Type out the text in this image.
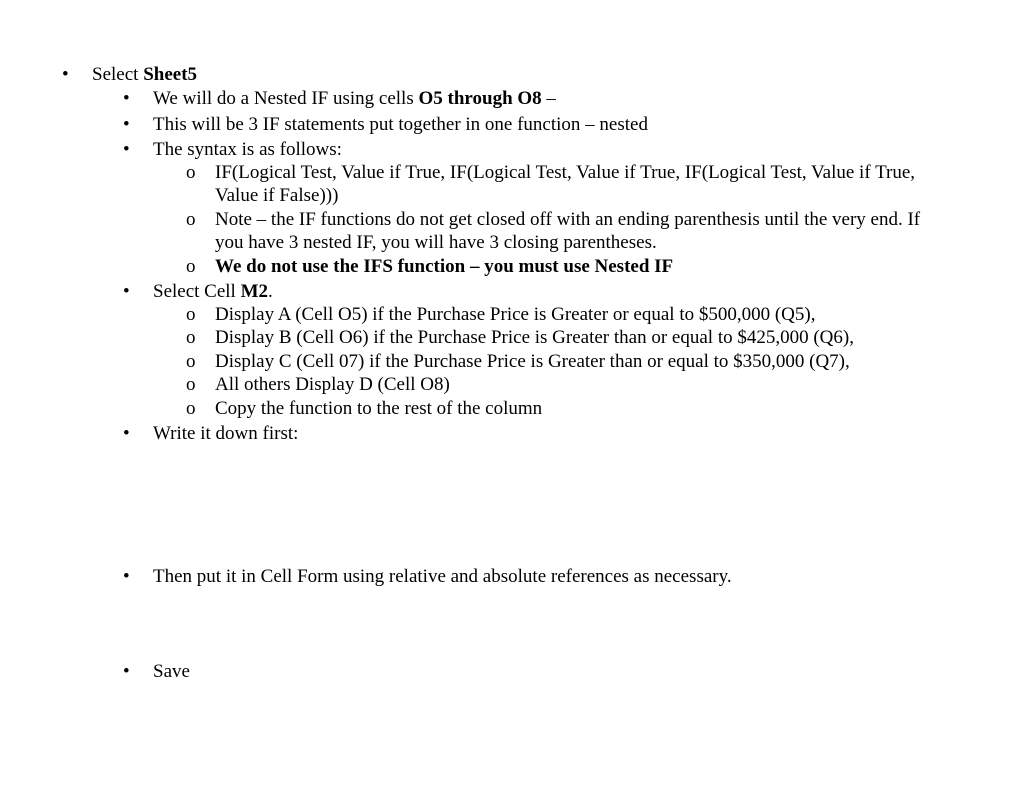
•
Select Sheet5
•
We will do a Nested IF using cells O5 through O8 –
•
This will be 3 IF statements put together in one function – nested
•
The syntax is as follows:
o
IF(Logical Test, Value if True, IF(Logical Test, Value if True, IF(Logical Test, Value if True,
Value if False)))
o
Note – the IF functions do not get closed off with an ending parenthesis until the very end. If
you have 3 nested IF, you will have 3 closing parentheses.
o
We do not use the IFS function – you must use Nested IF
•
Select Cell M2.
o
Display A (Cell O5) if the Purchase Price is Greater or equal to $500,000 (Q5),
o
Display B (Cell O6) if the Purchase Price is Greater than or equal to $425,000 (Q6),
o
Display C (Cell 07) if the Purchase Price is Greater than or equal to $350,000 (Q7),
o
All others Display D (Cell O8)
o
Copy the function to the rest of the column
•
Write it down first:
•
Then put it in Cell Form using relative and absolute references as necessary.
•
Save
